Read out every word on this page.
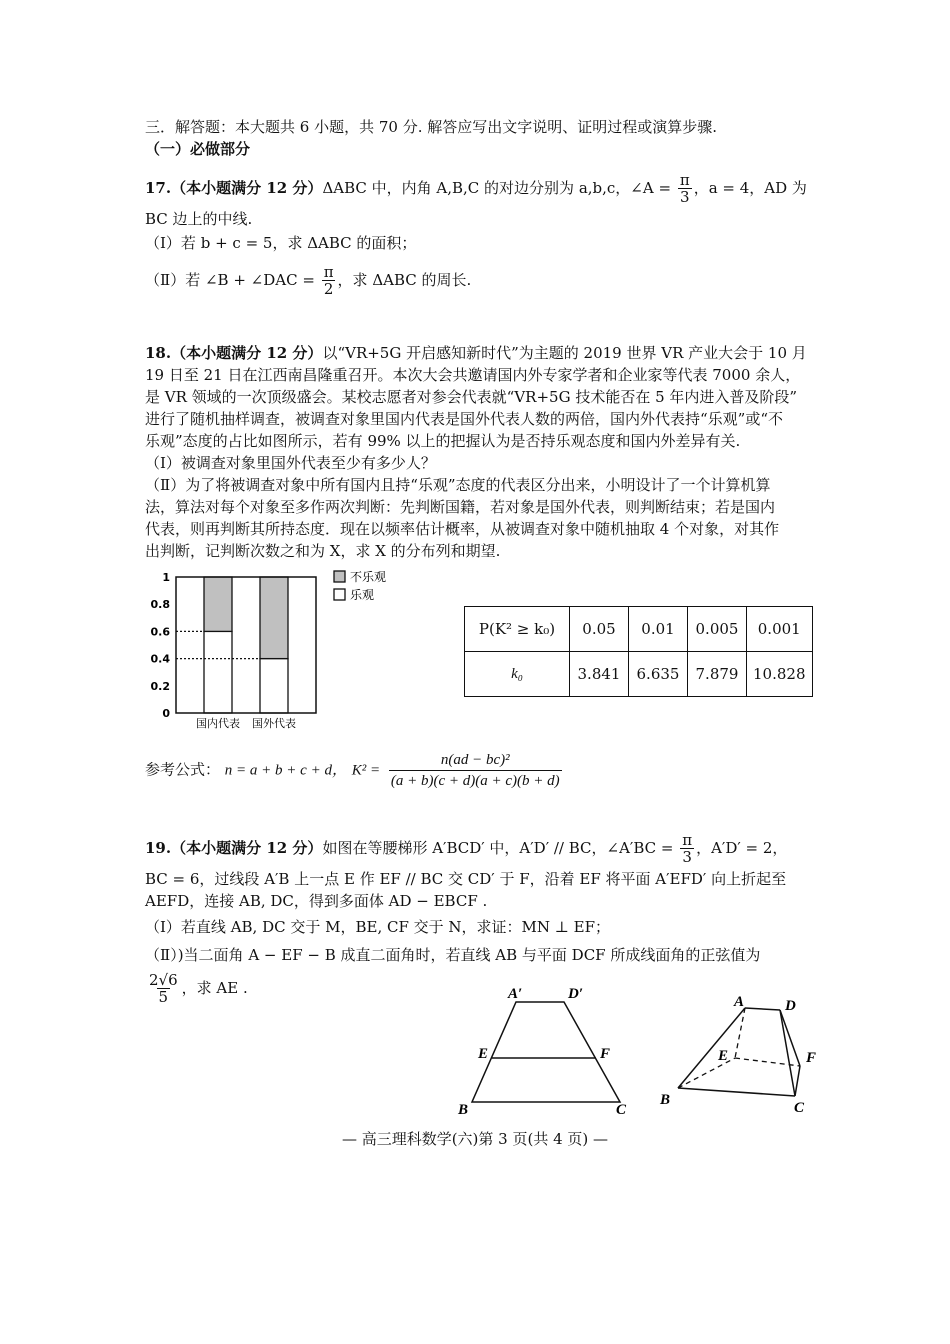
三．解答题：本大题共 6 小题，共 70 分. 解答应写出文字说明、证明过程或演算步骤.
（一）必做部分
17.（本小题满分 12 分）ΔABC 中，内角 A,B,C 的对边分别为 a,b,c，∠A = $\frac{\pi}{3}$ ，a = 4，AD 为
BC 边上的中线.
（Ⅰ）若 b + c = 5，求 ΔABC 的面积；
（Ⅱ）若 ∠B + ∠DAC = $\frac{\pi}{2}$ ，求 ΔABC 的周长.
18.（本小题满分 12 分）以“VR+5G 开启感知新时代”为主题的 2019 世界 VR 产业大会于 10 月
19 日至 21 日在江西南昌隆重召开。本次大会共邀请国内外专家学者和企业家等代表 7000 余人，
是 VR 领域的一次顶级盛会。某校志愿者对参会代表就“VR+5G 技术能否在 5 年内进入普及阶段”
进行了随机抽样调查，被调查对象里国内代表是国外代表人数的两倍，国内外代表持“乐观”或“不
乐观”态度的占比如图所示，若有 99% 以上的把握认为是否持乐观态度和国内外差异有关.
（Ⅰ）被调查对象里国外代表至少有多少人？
（Ⅱ）为了将被调查对象中所有国内且持“乐观”态度的代表区分出来，小明设计了一个计算机算
法，算法对每个对象至多作两次判断：先判断国籍，若对象是国外代表，则判断结束；若是国内
代表，则再判断其所持态度．现在以频率估计概率，从被调查对象中随机抽取 4 个对象，对其作
出判断，记判断次数之和为 X，求 X 的分布列和期望.
0
0.2
0.4
0.6
0.8
1
国内代表 国外代表
不乐观
乐观
P(K² ≥ k₀)	0.05	0.01	0.005	0.001
k₀	3.841	6.635	7.879	10.828
参考公式： n = a + b + c + d， $K^2 = \frac{\text{n(ad − bc)²}}{(a + b)(c + d)(a + c)(b + d)}$
19.（本小题满分 12 分）如图在等腰梯形 A′BCD′ 中，A′D′ // BC，∠A′BC = $\frac{\pi}{3}$ ，A′D′ = 2，
BC = 6，过线段 A′B 上一点 E 作 EF // BC 交 CD′ 于 F，沿着 EF 将平面 A′EFD′ 向上折起至
AEFD，连接 AB, DC，得到多面体 AD − EBCF .
（Ⅰ）若直线 AB, DC 交于 M，BE, CF 交于 N，求证：MN ⊥ EF；
（Ⅱ）)当二面角 A − EF − B 成直二面角时，若直线 AB 与平面 DCF 所成线面角的正弦值为
$\frac{2√6}{5}$ ，求 AE .	A′	D′
E	F
B	C
A	D
E	F
B	C
— 高三理科数学(六)第 3 页(共 4 页) —
